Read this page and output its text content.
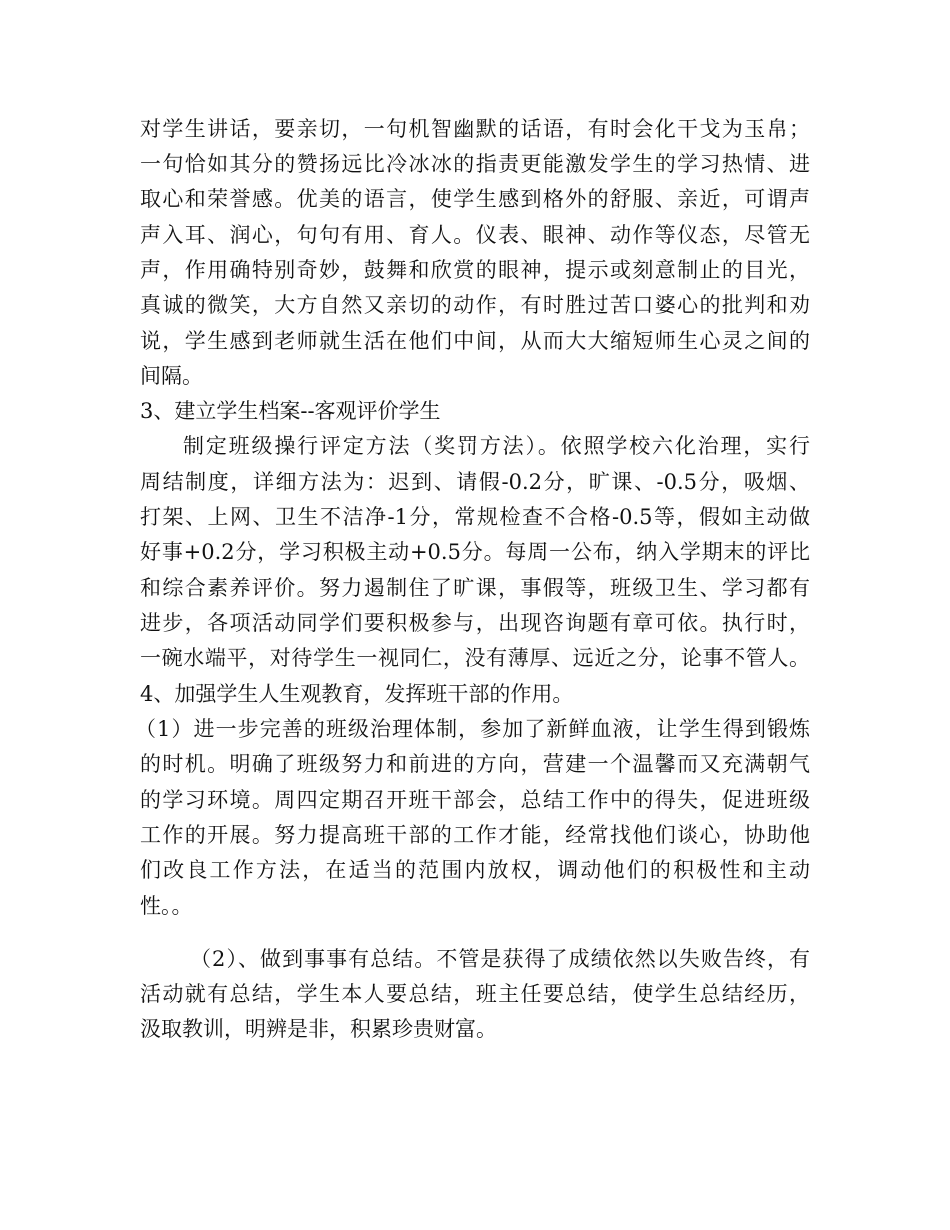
对学生讲话，要亲切，一句机智幽默的话语，有时会化干戈为玉帛；
一句恰如其分的赞扬远比冷冰冰的指责更能激发学生的学习热情、进
取心和荣誉感。优美的语言，使学生感到格外的舒服、亲近，可谓声
声入耳、润心，句句有用、育人。仪表、眼神、动作等仪态，尽管无
声，作用确特别奇妙，鼓舞和欣赏的眼神，提示或刻意制止的目光，
真诚的微笑，大方自然又亲切的动作，有时胜过苦口婆心的批判和劝
说，学生感到老师就生活在他们中间，从而大大缩短师生心灵之间的
间隔。
3、建立学生档案--客观评价学生
制定班级操行评定方法（奖罚方法）。依照学校六化治理，实行
周结制度，详细方法为：迟到、请假-0.2分，旷课、-0.5分，吸烟、
打架、上网、卫生不洁净-1分，常规检查不合格-0.5等，假如主动做
好事+0.2分，学习积极主动+0.5分。每周一公布，纳入学期末的评比
和综合素养评价。努力遏制住了旷课，事假等，班级卫生、学习都有
进步，各项活动同学们要积极参与，出现咨询题有章可依。执行时，
一碗水端平，对待学生一视同仁，没有薄厚、远近之分，论事不管人。
4、加强学生人生观教育，发挥班干部的作用。
（1）进一步完善的班级治理体制，参加了新鲜血液，让学生得到锻炼
的时机。明确了班级努力和前进的方向，营建一个温馨而又充满朝气
的学习环境。周四定期召开班干部会，总结工作中的得失，促进班级
工作的开展。努力提高班干部的工作才能，经常找他们谈心，协助他
们改良工作方法，在适当的范围内放权，调动他们的积极性和主动
性。。
（2）、做到事事有总结。不管是获得了成绩依然以失败告终，有
活动就有总结，学生本人要总结，班主任要总结，使学生总结经历，
汲取教训，明辨是非，积累珍贵财富。
